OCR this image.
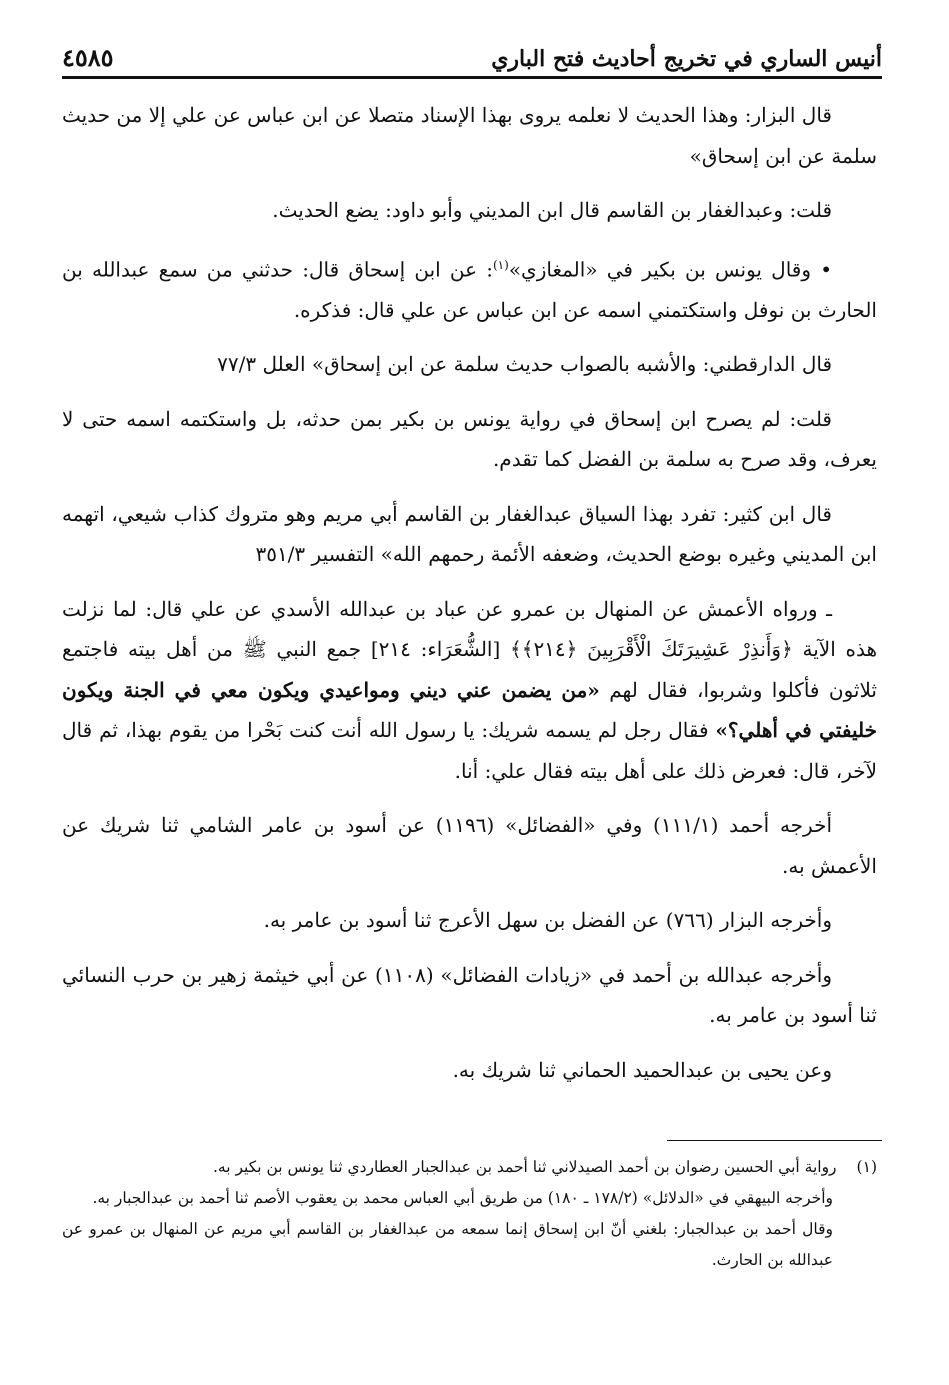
أنيس الساري في تخريج أحاديث فتح الباري
٤٥٨٥

قال البزار: وهذا الحديث لا نعلمه يروى بهذا الإسناد متصلا عن ابن عباس عن علي إلا من حديث سلمة عن ابن إسحاق»

قلت: وعبدالغفار بن القاسم قال ابن المديني وأبو داود: يضع الحديث.

• وقال يونس بن بكير في «المغازي»$^{(١)}$: عن ابن إسحاق قال: حدثني من سمع عبدالله بن الحارث بن نوفل واستكتمني اسمه عن ابن عباس عن علي قال: فذكره.

قال الدارقطني: والأشبه بالصواب حديث سلمة عن ابن إسحاق» العلل ٧٧/٣

قلت: لم يصرح ابن إسحاق في رواية يونس بن بكير بمن حدثه، بل واستكتمه اسمه حتى لا يعرف، وقد صرح به سلمة بن الفضل كما تقدم.

قال ابن كثير: تفرد بهذا السياق عبدالغفار بن القاسم أبي مريم وهو متروك كذاب شيعي، اتهمه ابن المديني وغيره بوضع الحديث، وضعفه الأئمة رحمهم الله» التفسير ٣٥١/٣

ـ ورواه الأعمش عن المنهال بن عمرو عن عباد بن عبدالله الأسدي عن علي قال: لما نزلت هذه الآية ﴿وَأَنذِرْ عَشِيرَتَكَ الْأَقْرَبِينَ ﴿٢١٤﴾﴾ [الشُّعَرَاء: ٢١٤] جمع النبي ﷺ من أهل بيته فاجتمع ثلاثون فأكلوا وشربوا، فقال لهم «من يضمن عني ديني ومواعيدي ويكون معي في الجنة ويكون خليفتي في أهلي؟» فقال رجل لم يسمه شريك: يا رسول الله أنت كنت بَحْرا من يقوم بهذا، ثم قال لآخر، قال: فعرض ذلك على أهل بيته فقال علي: أنا.

أخرجه أحمد (١١١/١) وفي «الفضائل» (١١٩٦) عن أسود بن عامر الشامي ثنا شريك عن الأعمش به.

وأخرجه البزار (٧٦٦) عن الفضل بن سهل الأعرج ثنا أسود بن عامر به.

وأخرجه عبدالله بن أحمد في «زيادات الفضائل» (١١٠٨) عن أبي خيثمة زهير بن حرب النسائي ثنا أسود بن عامر به.

وعن يحيى بن عبدالحميد الحماني ثنا شريك به.

(١)رواية أبي الحسين رضوان بن أحمد الصيدلاني ثنا أحمد بن عبدالجبار العطاردي ثنا يونس بن بكير به.

وأخرجه البيهقي في «الدلائل» (١٧٨/٢ ـ ١٨٠) من طريق أبي العباس محمد بن يعقوب الأصم ثنا أحمد بن عبدالجبار به.

وقال أحمد بن عبدالجبار: بلغني أنّ ابن إسحاق إنما سمعه من عبدالغفار بن القاسم أبي مريم عن المنهال بن عمرو عن عبدالله بن الحارث.
